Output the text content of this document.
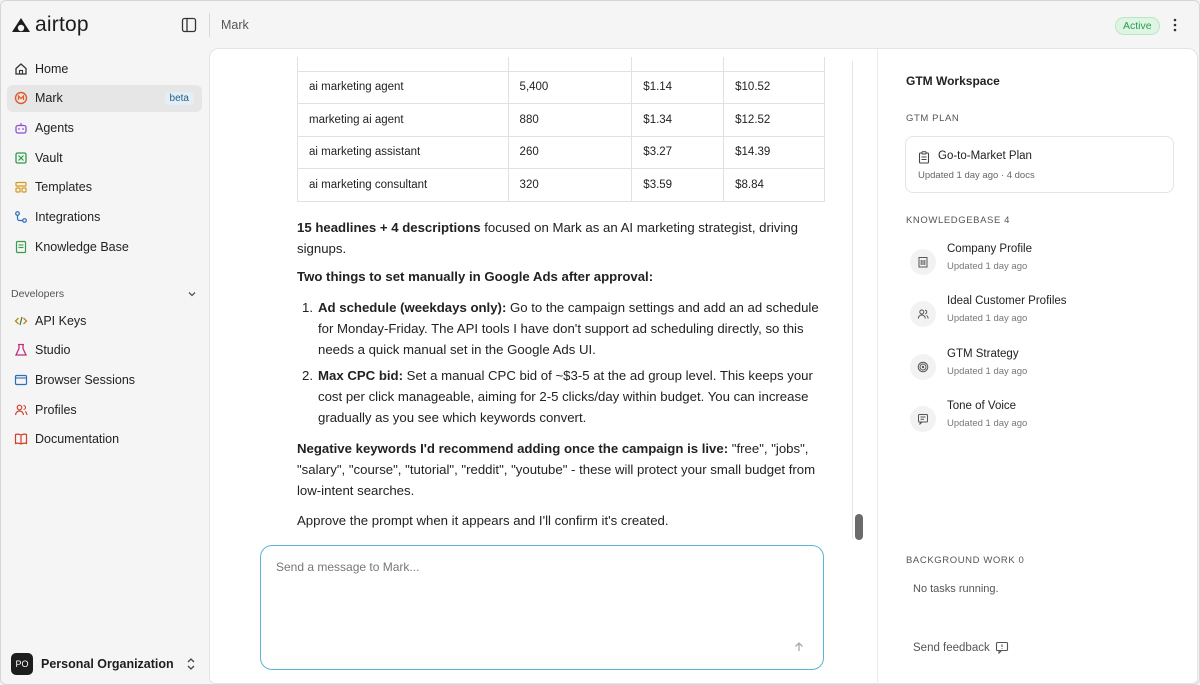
airtop
Home
Mark	beta
Agents
Vault
Templates
Integrations
Knowledge Base
Developers
API Keys
Studio
Browser Sessions
Profiles
Documentation
PO	Personal Organization
Mark	Active

ai marketing agent	5,400	$1.14	$10.52
marketing ai agent	880	$1.34	$12.52
ai marketing assistant	260	$3.27	$14.39
ai marketing consultant	320	$3.59	$8.84

15 headlines + 4 descriptions focused on Mark as an AI marketing strategist, driving signups.

Two things to set manually in Google Ads after approval:

1. Ad schedule (weekdays only): Go to the campaign settings and add an ad schedule for Monday-Friday. The API tools I have don't support ad scheduling directly, so this needs a quick manual set in the Google Ads UI.
2. Max CPC bid: Set a manual CPC bid of ~$3-5 at the ad group level. This keeps your cost per click manageable, aiming for 2-5 clicks/day within budget. You can increase gradually as you see which keywords convert.

Negative keywords I'd recommend adding once the campaign is live: "free", "jobs", "salary", "course", "tutorial", "reddit", "youtube" - these will protect your small budget from low-intent searches.

Approve the prompt when it appears and I'll confirm it's created.

Send a message to Mark...
GTM Workspace
GTM PLAN
Go-to-Market Plan
Updated 1 day ago · 4 docs
KNOWLEDGEBASE 4
Company Profile
Updated 1 day ago
Ideal Customer Profiles
Updated 1 day ago
GTM Strategy
Updated 1 day ago
Tone of Voice
Updated 1 day ago
BACKGROUND WORK 0
No tasks running.
Send feedback
